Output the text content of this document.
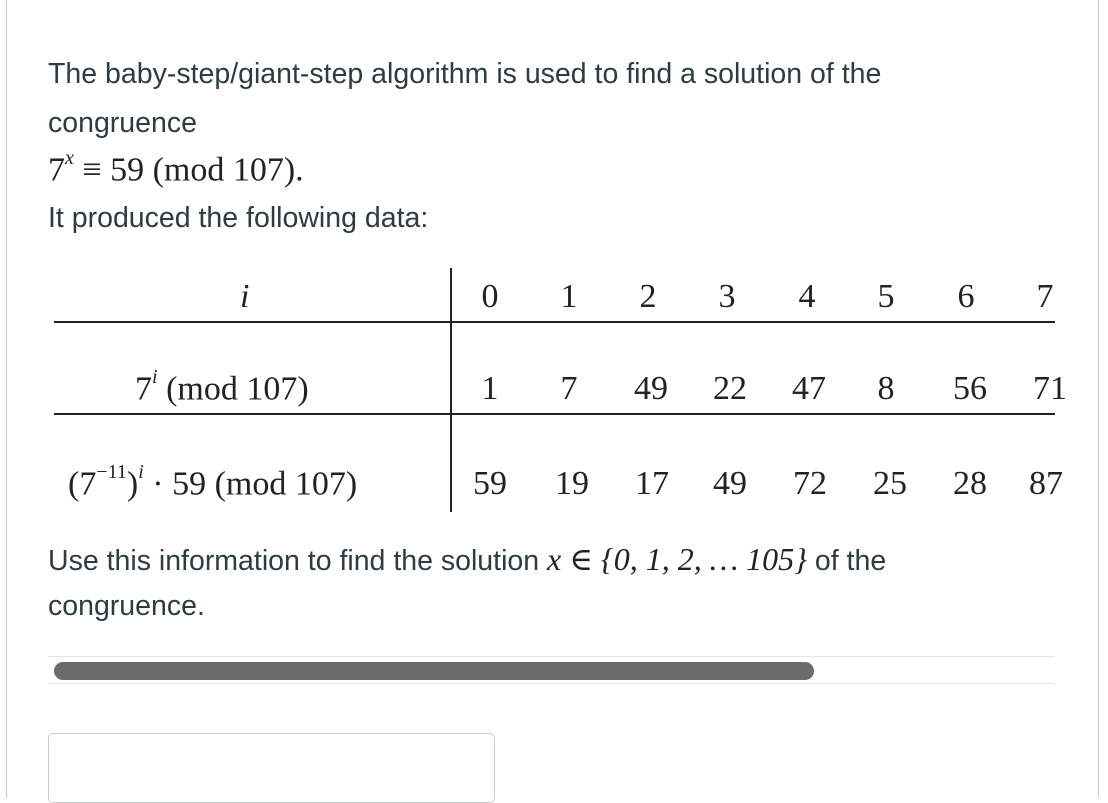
The baby-step/giant-step algorithm is used to find a solution of the
congruence
$7^x \equiv 59$ (mod 107).
It produced the following data:
i
7$^i$ (mod 107)
$(7^{-11})^i \cdot 59$ (mod 107)
0 1 2 3 4 5 6 7
1 7 49 22 47 8 56 71
59 19 17 49 72 25 28 87
Use this information to find the solution x ∈ {0, 1, 2, … 105} of the
congruence.
